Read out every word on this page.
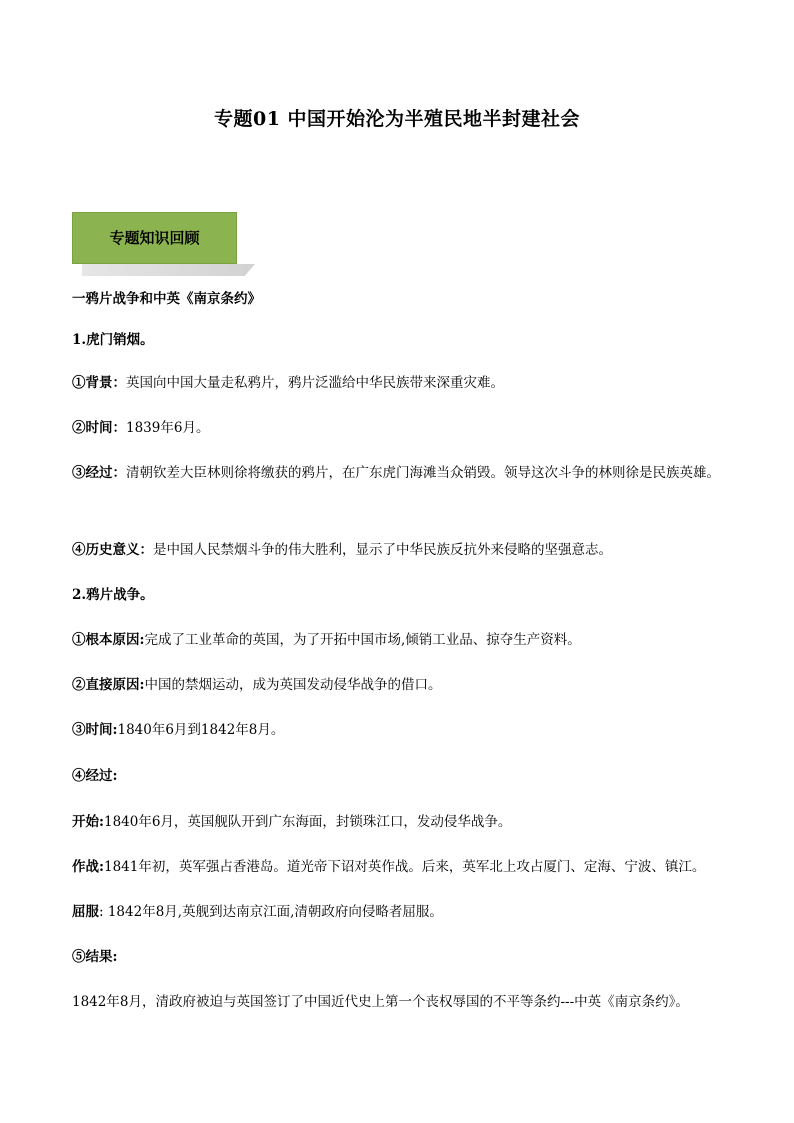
专题01 中国开始沦为半殖民地半封建社会
专题知识回顾
一鸦片战争和中英《南京条约》
1.虎门销烟。
①背景：英国向中国大量走私鸦片，鸦片泛滥给中华民族带来深重灾难。
②时间：1839年6月。
③经过：清朝钦差大臣林则徐将缴获的鸦片，在广东虎门海滩当众销毁。领导这次斗争的林则徐是民族英雄。
④历史意义：是中国人民禁烟斗争的伟大胜利，显示了中华民族反抗外来侵略的坚强意志。
2.鸦片战争。
①根本原因:完成了工业革命的英国，为了开拓中国市场,倾销工业品、掠夺生产资料。
②直接原因:中国的禁烟运动，成为英国发动侵华战争的借口。
③时间:1840年6月到1842年8月。
④经过:
开始:1840年6月，英国舰队开到广东海面，封锁珠江口，发动侵华战争。
作战:1841年初，英军强占香港岛。道光帝下诏对英作战。后来，英军北上攻占厦门、定海、宁波、镇江。
屈服: 1842年8月,英舰到达南京江面,清朝政府向侵略者屈服。
⑤结果:
1842年8月，清政府被迫与英国签订了中国近代史上第一个丧权辱国的不平等条约---中英《南京条约》。
